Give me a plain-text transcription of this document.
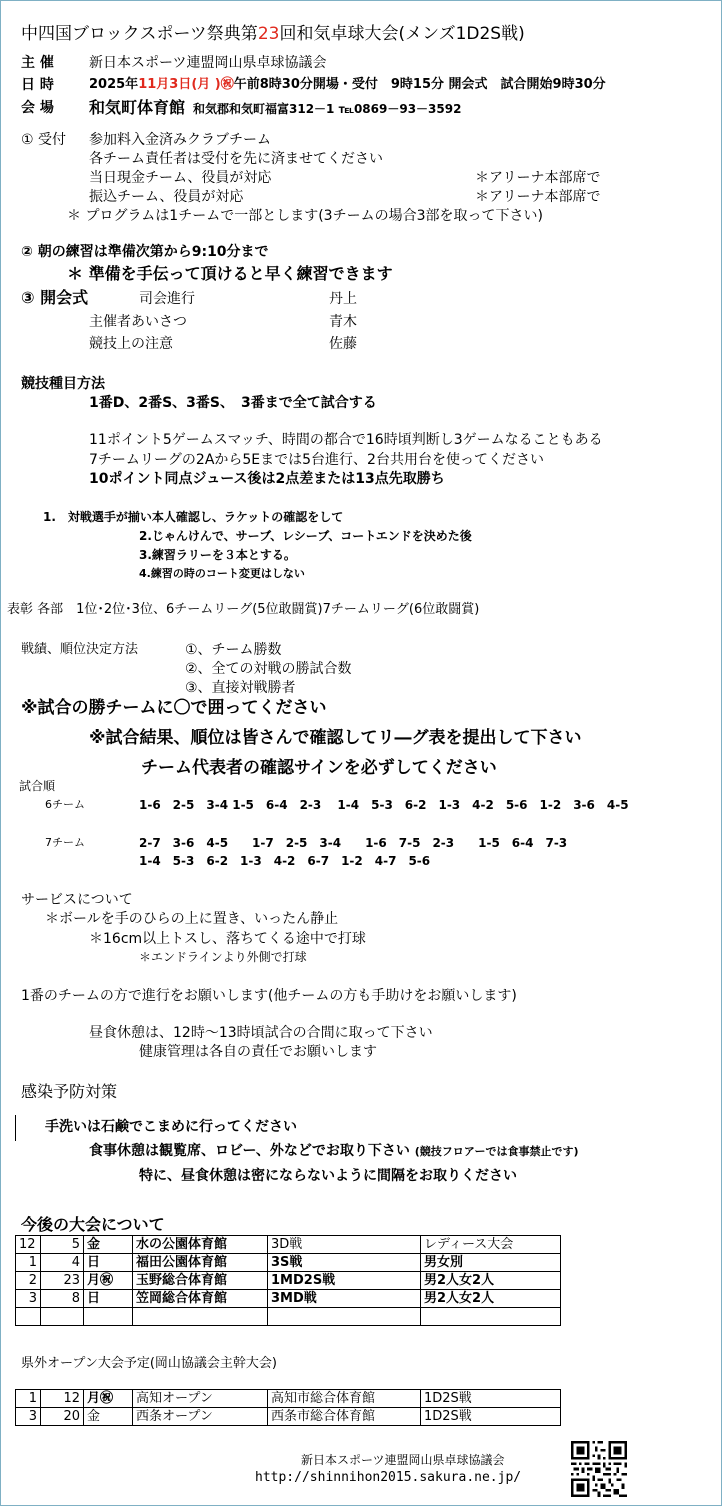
中四国ブロックスポーツ祭典第23回和気卓球大会(メンズ1D2S戦)
主 催	新日本スポーツ連盟岡山県卓球協議会
日 時	2025年11月3日(月 )㊗午前8時30分開場・受付　9時15分 開会式　試合開始9時30分
会 場 和気町体育館 和気郡和気町福富312－1 ℡0869－93－3592
① 受付 参加料入金済みクラブチーム
各チーム責任者は受付を先に済ませてください
当日現金チーム、役員が対応	＊アリーナ本部席で
振込チーム、役員が対応	＊アリーナ本部席で
＊ プログラムは1チームで一部とします(3チームの場合3部を取って下さい)
② 朝の練習は準備次第から9:10分まで
＊ 準備を手伝って頂けると早く練習できます
③ 開会式	司会進行	丹上
主催者あいさつ	青木
競技上の注意	佐藤
競技種目方法
1番D、2番S、3番S、　3番まで全て試合する
11ポイント5ゲームスマッチ、時間の都合で16時頃判断し3ゲームなることもある
7チームリーグの2Aから5Eまでは5台進行、2台共用台を使ってください
10ポイント同点ジュース後は2点差または13点先取勝ち
1.　対戦選手が揃い本人確認し、ラケットの確認をして
2.じゃんけんで、サーブ、レシーブ、コートエンドを決めた後
3.練習ラリーを３本とする。
4.練習の時のコート変更はしない
表彰 各部　1位･2位･3位、6チームリーグ(5位敢闘賞)7チームリーグ(6位敢闘賞)
戦績、順位決定方法	①、チーム勝数
②、全ての対戦の勝試合数
③、直接対戦勝者
※試合の勝チームに〇で囲ってください
※試合結果、順位は皆さんで確認してリ―グ表を提出して下さい
チーム代表者の確認サインを必ずしてください
試合順
6チーム	1-6　2-5　3-4 1-5　6-4　2-3　 1-4　5-3　6-2　1-3　4-2　5-6　1-2　3-6　4-5
7チーム	2-7　3-6　4-5　　1-7　2-5　3-4　　1-6　7-5　2-3　　1-5　6-4　7-3
1-4　5-3　6-2　1-3　4-2　6-7　1-2　4-7　5-6
サービスについて
＊ボールを手のひらの上に置き、いったん静止
＊16cm以上トスし、落ちてくる途中で打球
＊エンドラインより外側で打球
1番のチームの方で進行をお願いします(他チームの方も手助けをお願いします)
昼食休憩は、12時～13時頃試合の合間に取って下さい
健康管理は各自の責任でお願いします
感染予防対策
手洗いは石鹸でこまめに行ってください
食事休憩は観覧席、ロビー、外などでお取り下さい (競技フロアーでは食事禁止です)
特に、昼食休憩は密にならないように間隔をお取りください
今後の大会について
12	5	金	水の公園体育館	3D戦	レディース大会
1	4	日	福田公園体育館	3S戦	男女別
2	23	月㊗	玉野総合体育館	1MD2S戦	男2人女2人
3	8	日	笠岡総合体育館	3MD戦	男2人女2人

県外オープン大会予定(岡山協議会主幹大会)
1	12	月㊗	高知オープン	高知市総合体育館	1D2S戦
3	20	金	西条オープン	西条市総合体育館	1D2S戦
新日本スポーツ連盟岡山県卓球協議会
http://shinnihon2015.sakura.ne.jp/
